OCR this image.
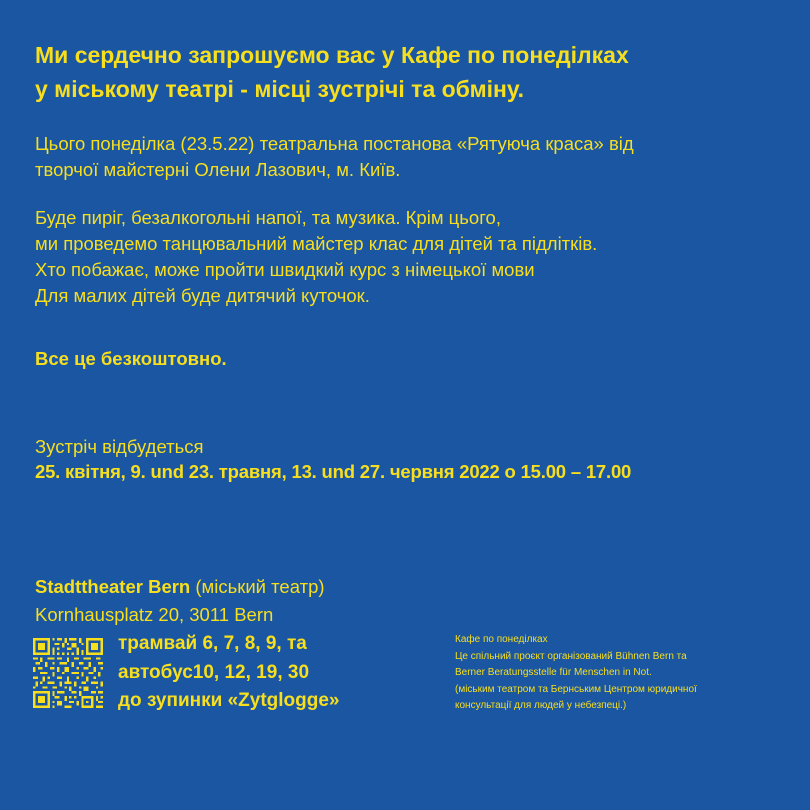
Ми сердечно запрошуємо вас у Кафе по понеділках
у міському театрі - місці зустрічі та обміну.
Цього понеділка (23.5.22) театральна постанова «Рятуюча краса» від
творчої майстерні Олени Лазович, м. Київ.
Буде пиріг, безалкогольні напої, та музика. Крім цього,
ми проведемо танцювальний майстер клас для дітей та підлітків.
Хто побажає, може пройти швидкий курс з німецької мови
Для малих дітей буде дитячий куточок.
Все це безкоштовно.
Зустріч відбудеться
25. квітня, 9. und 23. травня, 13. und 27. червня 2022 о 15.00 – 17.00
Stadttheater Bern (міський театр)
Kornhausplatz 20, 3011 Bern
трамвай 6, 7, 8, 9, та
автобус10, 12, 19, 30
до зупинки «Zytglogge»
Кафе по понеділках
Це спільний проєкт організований Bühnen Bern та
Berner Beratungsstelle für Menschen in Not.
(міським театром та Бернським Центром юридичної
консультації для людей у небезпеці.)
